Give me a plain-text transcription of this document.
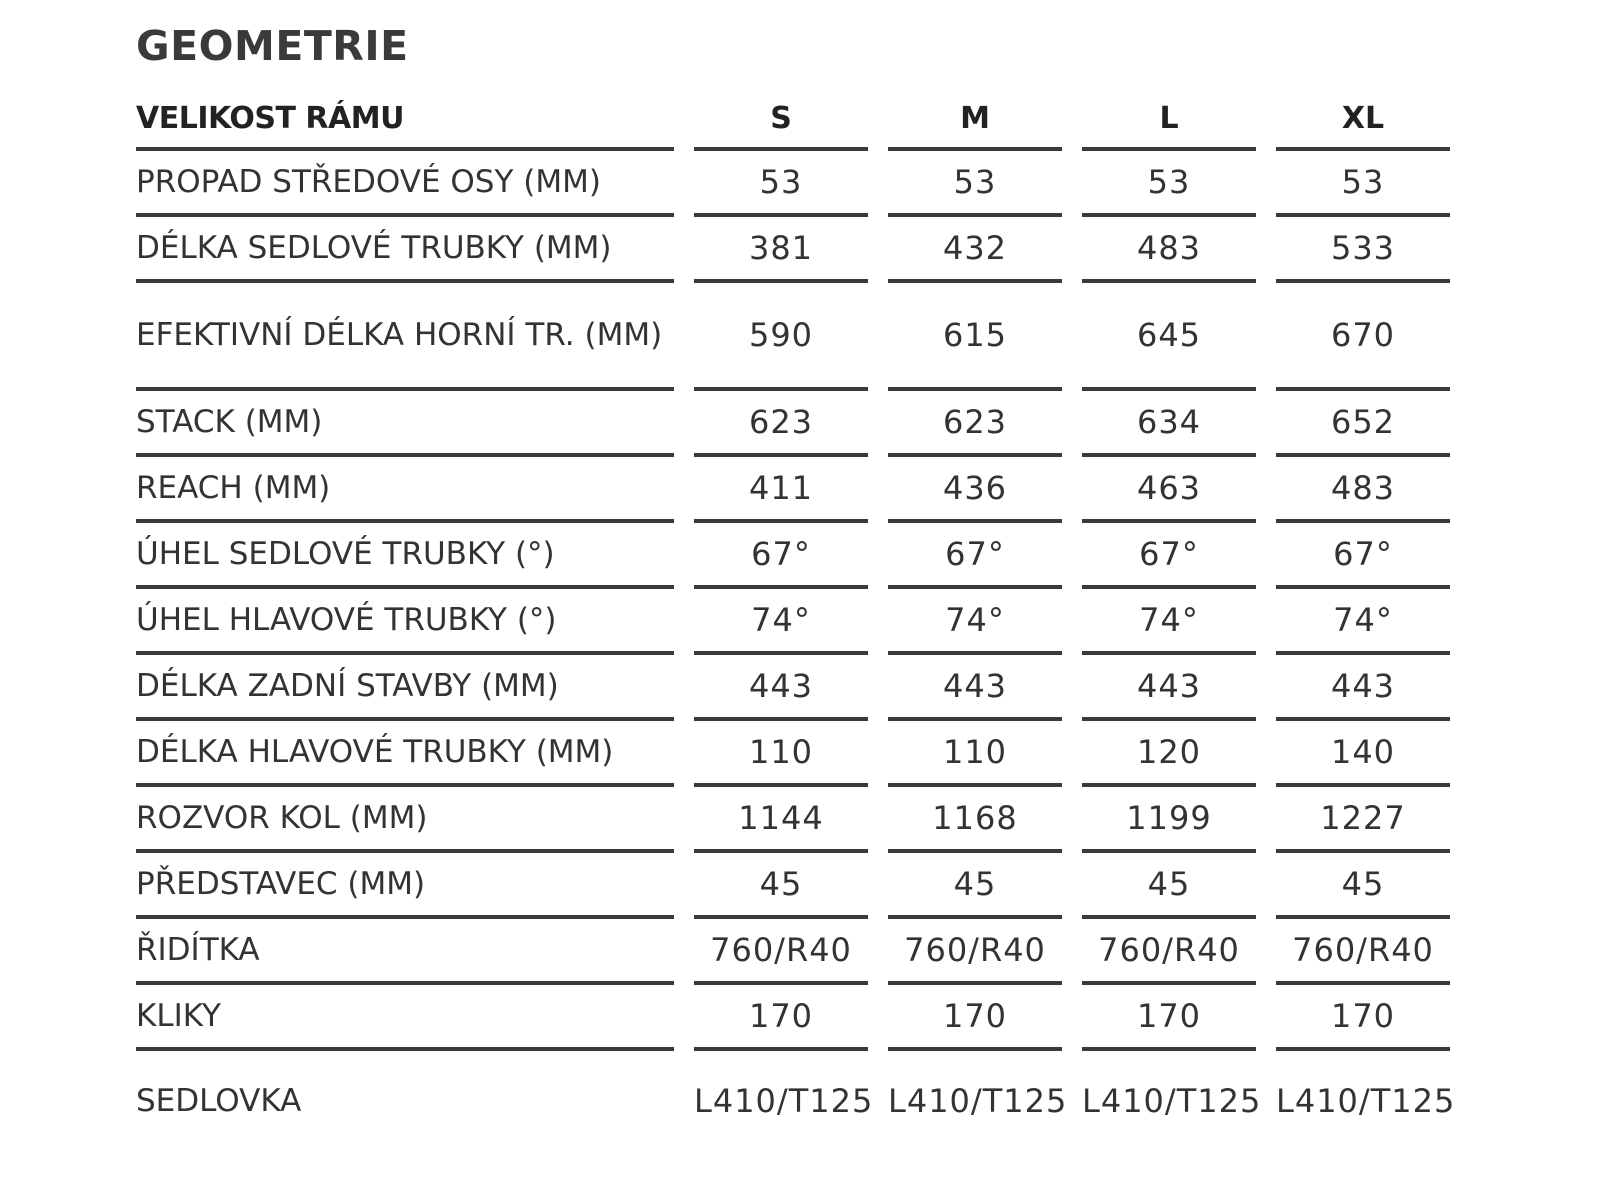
GEOMETRIE
VELIKOST RÁMU	S	M	L	XL
PROPAD STŘEDOVÉ OSY (MM)	53	53	53	53
DÉLKA SEDLOVÉ TRUBKY (MM)	381	432	483	533
EFEKTIVNÍ DÉLKA HORNÍ TR. (MM)	590	615	645	670
STACK (MM)	623	623	634	652
REACH (MM)	411	436	463	483
ÚHEL SEDLOVÉ TRUBKY (°)	67°	67°	67°	67°
ÚHEL HLAVOVÉ TRUBKY (°)	74°	74°	74°	74°
DÉLKA ZADNÍ STAVBY (MM)	443	443	443	443
DÉLKA HLAVOVÉ TRUBKY (MM)	110	110	120	140
ROZVOR KOL (MM)	1144	1168	1199	1227
PŘEDSTAVEC (MM)	45	45	45	45
ŘIDÍTKA	760/R40	760/R40	760/R40	760/R40
KLIKY	170	170	170	170
SEDLOVKA	L410/T125	L410/T125	L410/T125	L410/T125
